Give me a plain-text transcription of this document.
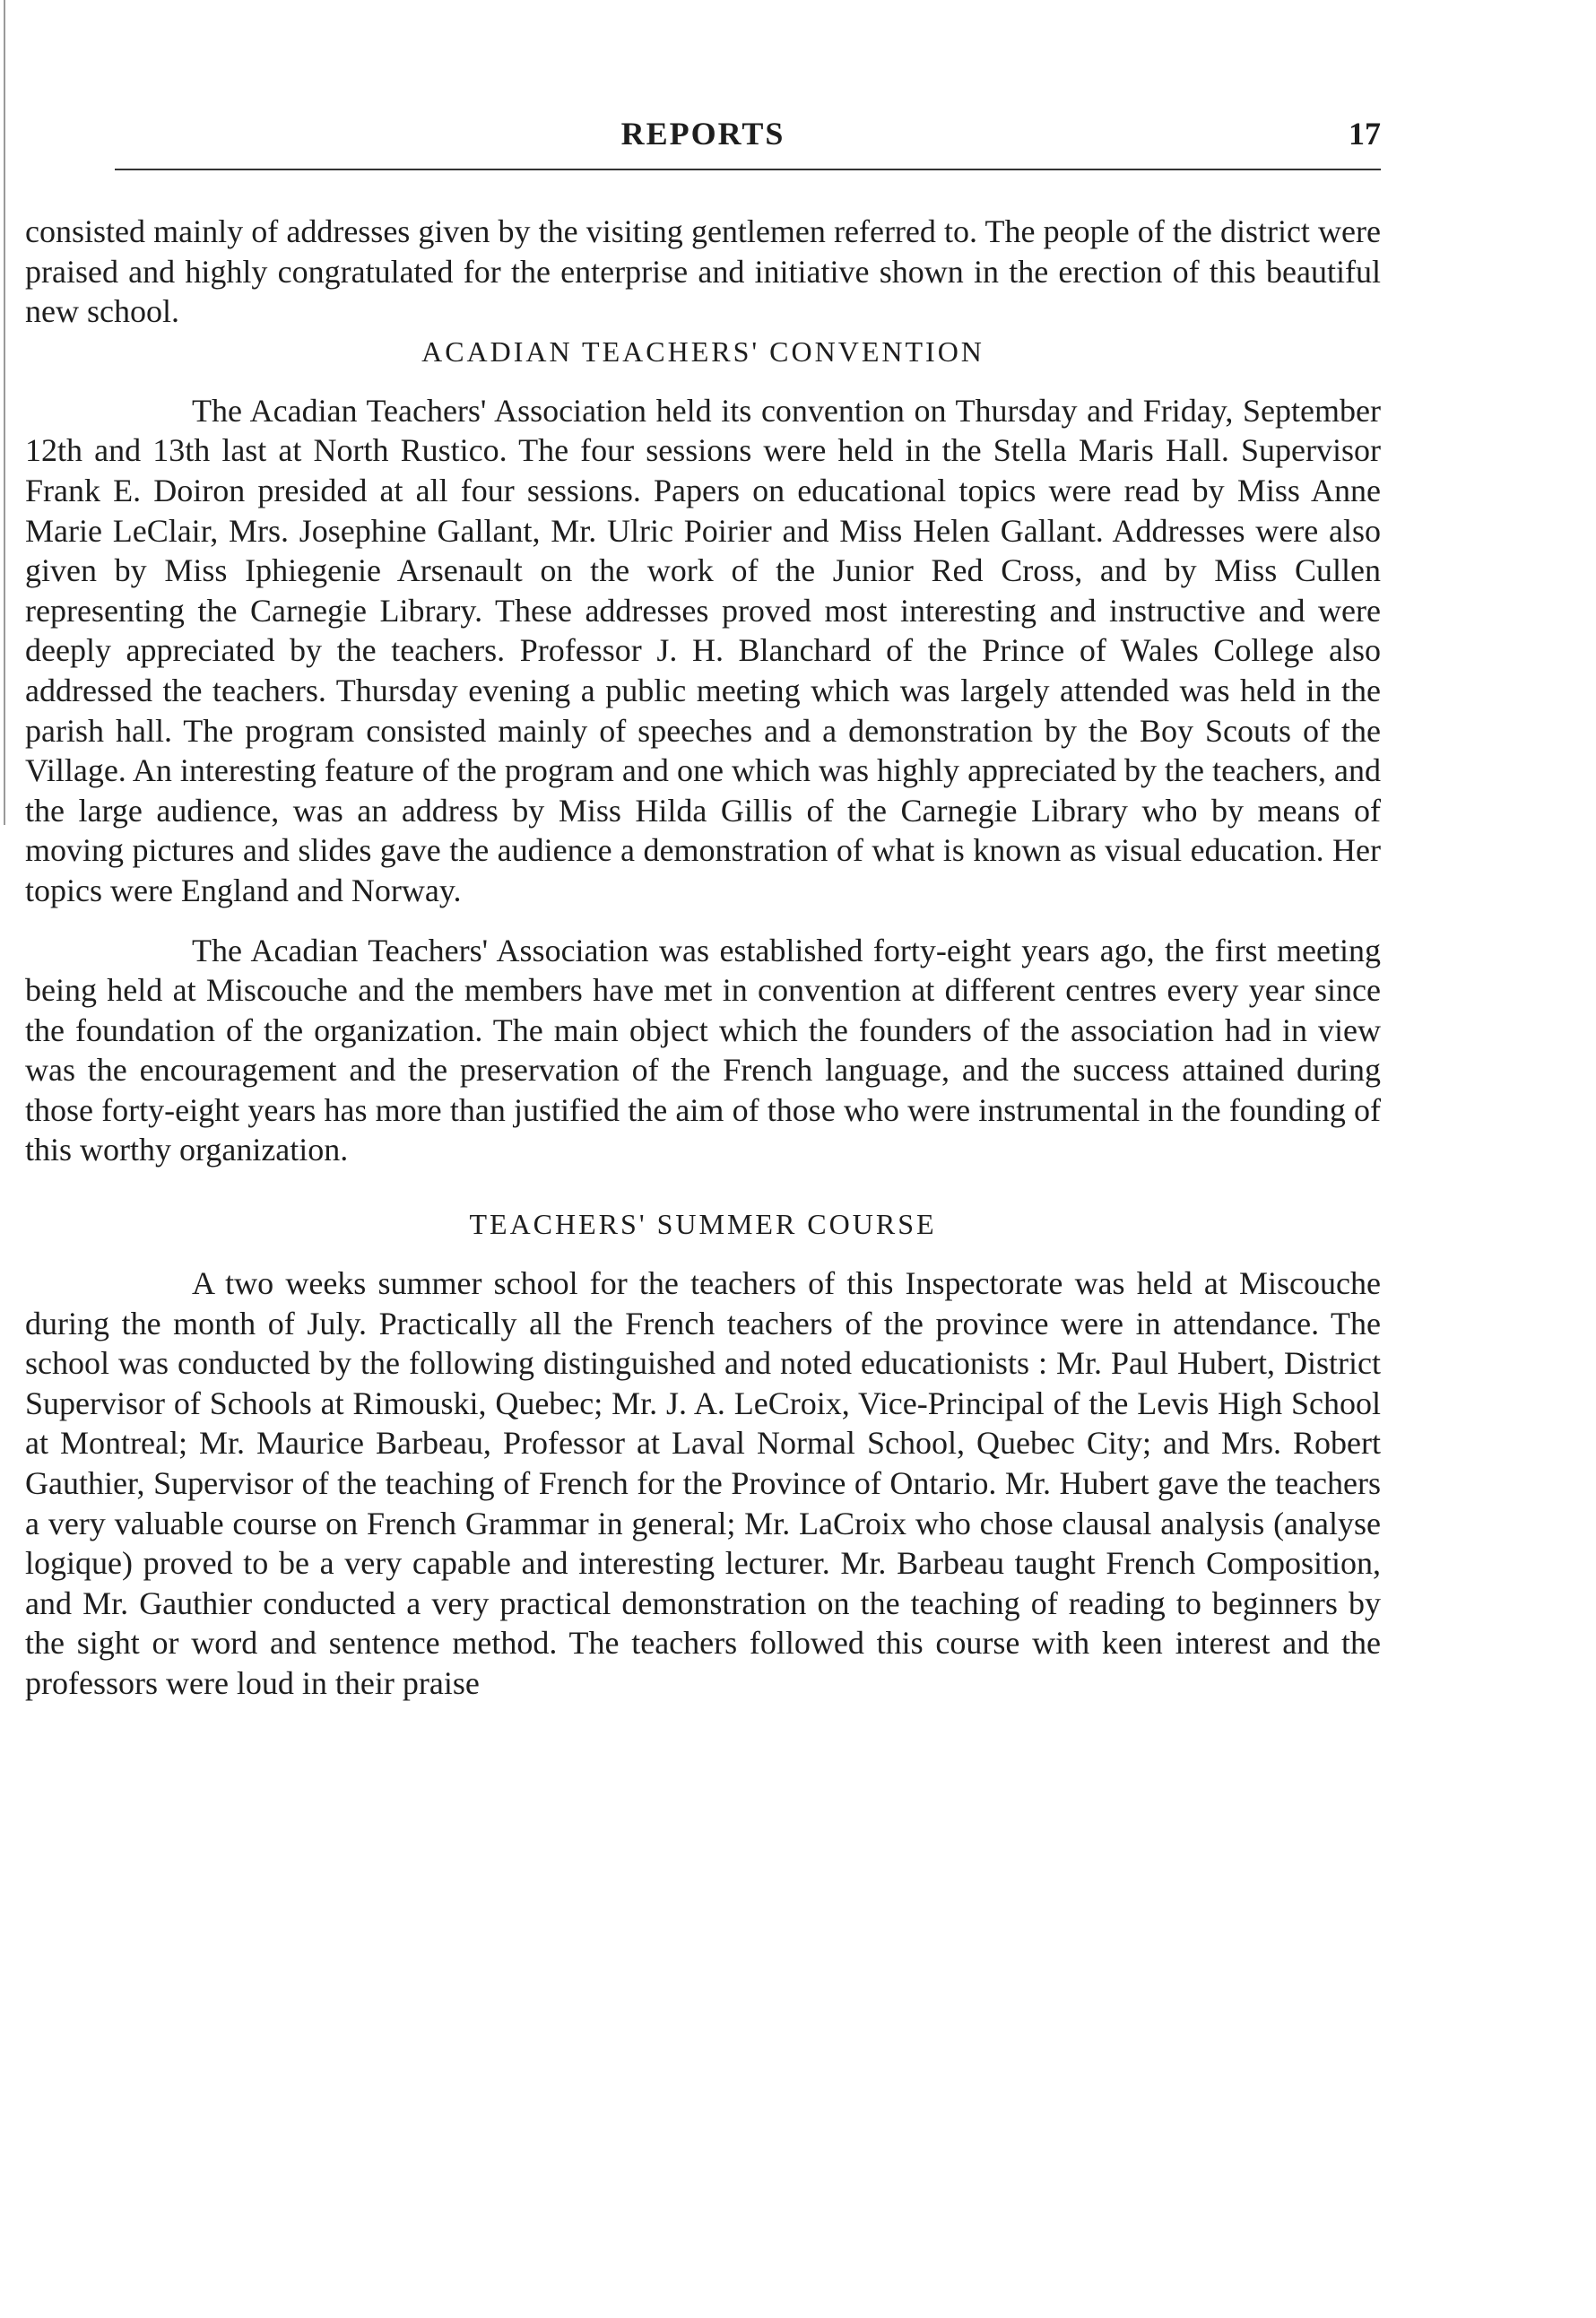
REPORTS	17

consisted mainly of addresses given by the visiting gentlemen referred to. The people of the district were praised and highly congratulated for the enterprise and initiative shown in the erection of this beautiful new school.

ACADIAN TEACHERS' CONVENTION

The Acadian Teachers' Association held its convention on Thursday and Friday, September 12th and 13th last at North Rustico. The four sessions were held in the Stella Maris Hall. Supervisor Frank E. Doiron presided at all four sessions. Papers on educational topics were read by Miss Anne Marie LeClair, Mrs. Josephine Gallant, Mr. Ulric Poirier and Miss Helen Gallant. Addresses were also given by Miss Iphiegenie Arsenault on the work of the Junior Red Cross, and by Miss Cullen representing the Carnegie Library. These addresses proved most interesting and instructive and were deeply appreciated by the teachers. Professor J. H. Blanchard of the Prince of Wales College also addressed the teachers. Thursday evening a public meeting which was largely attended was held in the parish hall. The program consisted mainly of speeches and a demonstration by the Boy Scouts of the Village. An interesting feature of the program and one which was highly appreciated by the teachers, and the large audience, was an address by Miss Hilda Gillis of the Carnegie Library who by means of moving pictures and slides gave the audience a demonstration of what is known as visual education. Her topics were England and Norway.

The Acadian Teachers' Association was established forty-eight years ago, the first meeting being held at Miscouche and the members have met in convention at different centres every year since the foundation of the organization. The main object which the founders of the association had in view was the encouragement and the preservation of the French language, and the success attained during those forty-eight years has more than justified the aim of those who were instrumental in the founding of this worthy organization.

TEACHERS' SUMMER COURSE

A two weeks summer school for the teachers of this Inspectorate was held at Miscouche during the month of July. Practically all the French teachers of the province were in attendance. The school was conducted by the following distinguished and noted educationists : Mr. Paul Hubert, District Supervisor of Schools at Rimouski, Quebec; Mr. J. A. LeCroix, Vice-Principal of the Levis High School at Montreal; Mr. Maurice Barbeau, Professor at Laval Normal School, Quebec City; and Mrs. Robert Gauthier, Supervisor of the teaching of French for the Province of Ontario. Mr. Hubert gave the teachers a very valuable course on French Grammar in general; Mr. LaCroix who chose clausal analysis (analyse logique) proved to be a very capable and interesting lecturer. Mr. Barbeau taught French Composition, and Mr. Gauthier conducted a very practical demonstration on the teaching of reading to beginners by the sight or word and sentence method. The teachers followed this course with keen interest and the professors were loud in their praise
